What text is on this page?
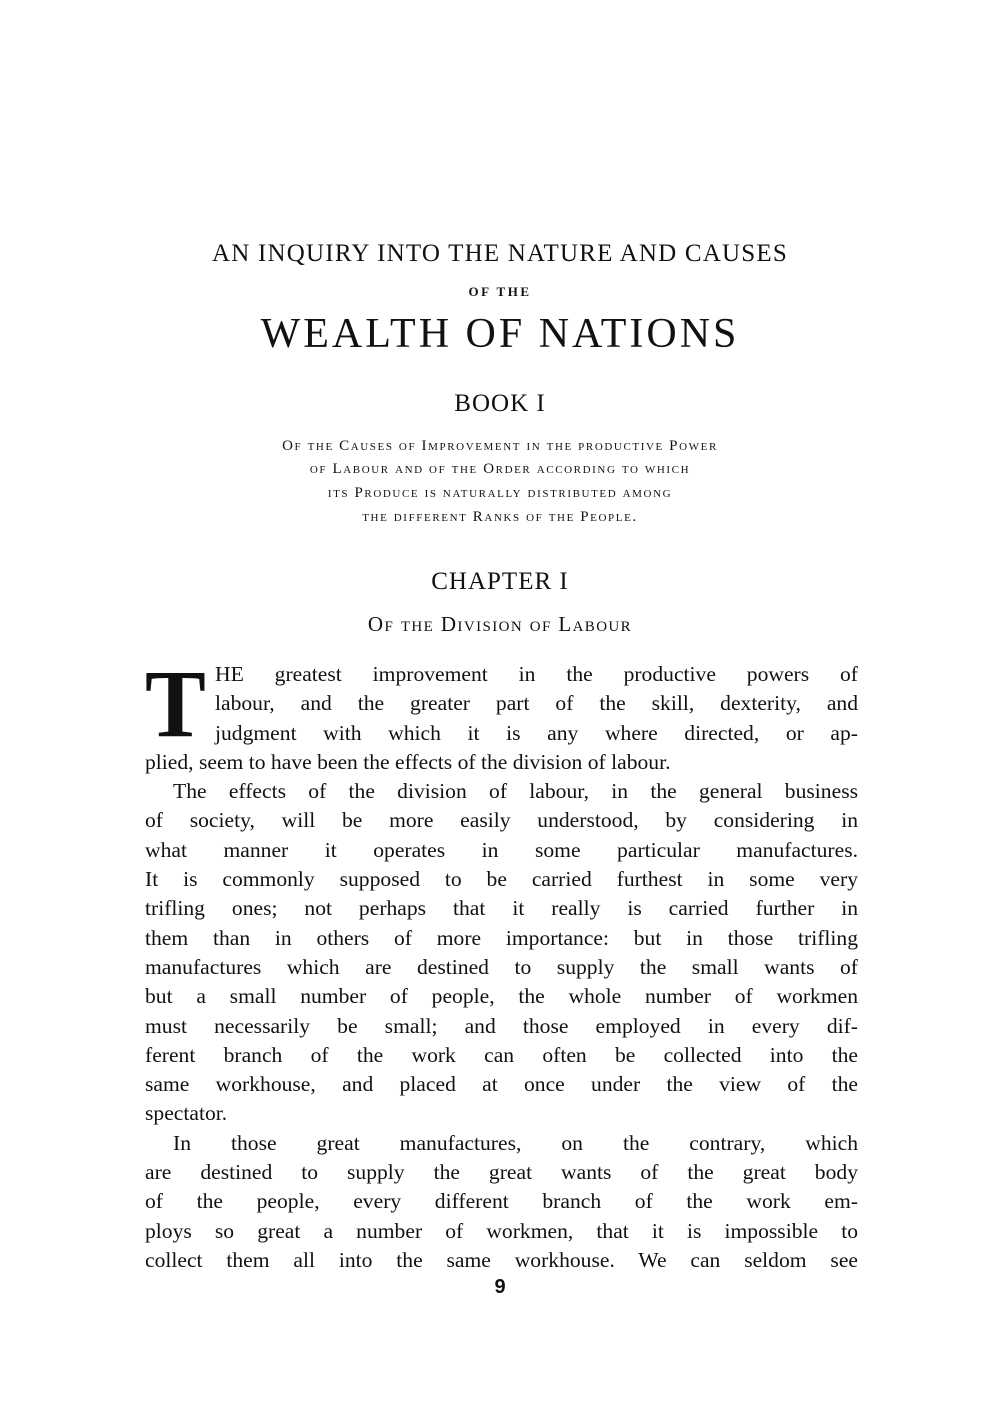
AN INQUIRY INTO THE NATURE AND CAUSES
OF THE
WEALTH OF NATIONS
BOOK I
Of the Causes of Improvement in the productive Power
of Labour and of the Order according to which
its Produce is naturally distributed among
the different Ranks of the People.
CHAPTER I
Of the Division of Labour
T HE greatest improvement in the productive powers of
labour, and the greater part of the skill, dexterity, and
judgment with which it is any where directed, or ap-
plied, seem to have been the effects of the division of labour.
The effects of the division of labour, in the general business
of society, will be more easily understood, by considering in
what manner it operates in some particular manufactures.
It is commonly supposed to be carried furthest in some very
trifling ones; not perhaps that it really is carried further in
them than in others of more importance: but in those trifling
manufactures which are destined to supply the small wants of
but a small number of people, the whole number of workmen
must necessarily be small; and those employed in every dif-
ferent branch of the work can often be collected into the
same workhouse, and placed at once under the view of the
spectator.
In those great manufactures, on the contrary, which
are destined to supply the great wants of the great body
of the people, every different branch of the work em-
ploys so great a number of workmen, that it is impossible to
collect them all into the same workhouse. We can seldom see
9
